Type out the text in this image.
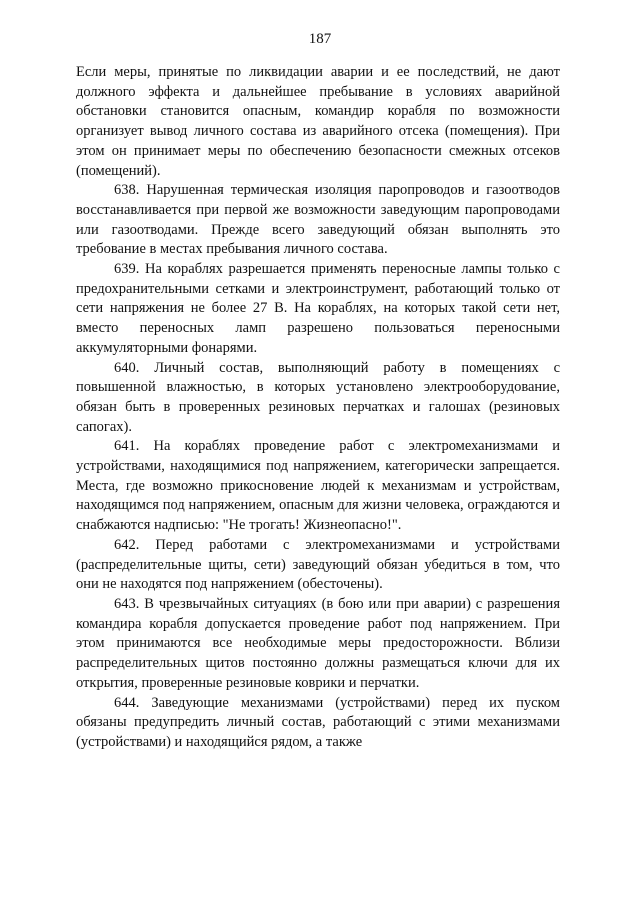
187

Если меры, принятые по ликвидации аварии и ее последствий, не дают должного эффекта и дальнейшее пребывание в условиях аварийной обстановки становится опасным, командир корабля по возможности организует вывод личного состава из аварийного отсека (помещения). При этом он принимает меры по обеспечению безопасности смежных отсеков (помещений).

638. Нарушенная термическая изоляция паропроводов и газоотводов восстанавливается при первой же возможности заведующим паропроводами или газоотводами. Прежде всего заведующий обязан выполнять это требование в местах пребывания личного состава.

639. На кораблях разрешается применять переносные лампы только с предохранительными сетками и электроинструмент, работающий только от сети напряжения не более 27 В. На кораблях, на которых такой сети нет, вместо переносных ламп разрешено пользоваться переносными аккумуляторными фонарями.

640. Личный состав, выполняющий работу в помещениях с повышенной влажностью, в которых установлено электрооборудование, обязан быть в проверенных резиновых перчатках и галошах (резиновых сапогах).

641. На кораблях проведение работ с электромеханизмами и устройствами, находящимися под напряжением, категорически запрещается. Места, где возможно прикосновение людей к механизмам и устройствам, находящимся под напряжением, опасным для жизни человека, ограждаются и снабжаются надписью: "Не трогать! Жизнеопасно!".

642. Перед работами с электромеханизмами и устройствами (распределительные щиты, сети) заведующий обязан убедиться в том, что они не находятся под напряжением (обесточены).

643. В чрезвычайных ситуациях (в бою или при аварии) с разрешения командира корабля допускается проведение работ под напряжением. При этом принимаются все необходимые меры предосторожности. Вблизи распределительных щитов постоянно должны размещаться ключи для их открытия, проверенные резиновые коврики и перчатки.

644. Заведующие механизмами (устройствами) перед их пуском обязаны предупредить личный состав, работающий с этими механизмами (устройствами) и находящийся рядом, а также
